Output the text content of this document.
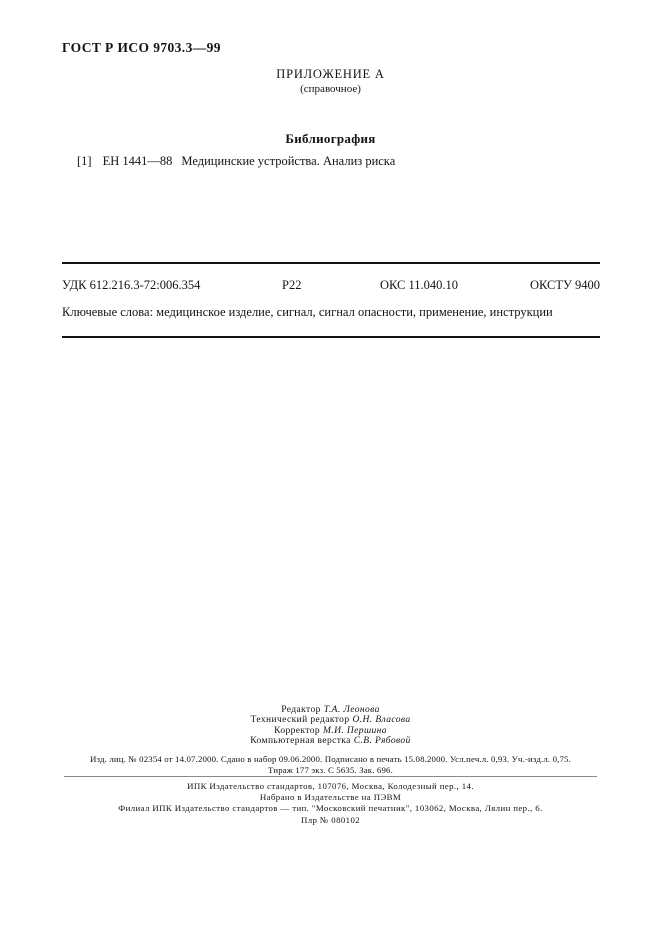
ГОСТ Р ИСО 9703.3—99
ПРИЛОЖЕНИЕ А
(справочное)
Библиография
[1] ЕН 1441—88 Медицинские устройства. Анализ риска
УДК 612.216.3-72:006.354	Р22	ОКС 11.040.10	ОКСТУ 9400
Ключевые слова: медицинское изделие, сигнал, сигнал опасности, применение, инструкции
Редактор Т.А. Леонова
Технический редактор О.Н. Власова
Корректор М.И. Першина
Компьютерная верстка С.В. Рябовой
Изд. лиц. № 02354 от 14.07.2000. Сдано в набор 09.06.2000. Подписано в печать 15.08.2000. Усл.печ.л. 0,93. Уч.-изд.л. 0,75.
Тираж 177 экз. С 5635. Зак. 696.
ИПК Издательство стандартов, 107076, Москва, Колодезный пер., 14.
Набрано в Издательстве на ПЭВМ
Филиал ИПК Издательство стандартов — тип. "Московский печатник", 103062, Москва, Лялин пер., 6.
Плр № 080102
